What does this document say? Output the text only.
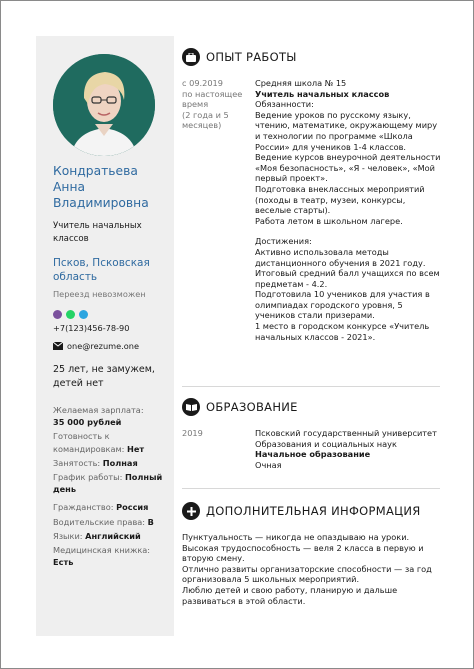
Кондратьева Анна Владимировна
Учитель начальных классов
Псков, Псковская область
Переезд невозможен
+7(123)456-78-90
one@rezume.one
25 лет, не замужем, детей нет
Желаемая зарплата:
35 000 рублей
Готовность к командировкам: Нет
Занятость: Полная
График работы: Полный день
Гражданство: Россия
Водительские права: В
Языки: Английский
Медицинская книжка:
Есть
ОПЫТ РАБОТЫ
с 09.2019
по настоящее время
(2 года и 5 месяцев)
Средняя школа № 15
Учитель начальных классов
Обязанности:
Ведение уроков по русскому языку, чтению, математике, окружающему миру и технологии по программе «Школа России» для учеников 1-4 классов.
Ведение курсов внеурочной деятельности «Моя безопасность», «Я - человек», «Мой первый проект».
Подготовка внеклассных мероприятий (походы в театр, музеи, конкурсы, веселые старты).
Работа летом в школьном лагере.
Достижения:
Активно использовала методы дистанционного обучения в 2021 году.
Итоговый средний балл учащихся по всем предметам - 4.2.
Подготовила 10 учеников для участия в олимпиадах городского уровня, 5 учеников стали призерами.
1 место в городском конкурсе «Учитель начальных классов - 2021».
ОБРАЗОВАНИЕ
2019	Псковский государственный университет
Образования и социальных наук
Начальное образование
Очная
ДОПОЛНИТЕЛЬНАЯ ИНФОРМАЦИЯ
Пунктуальность — никогда не опаздываю на уроки.
Высокая трудоспособность — веля 2 класса в первую и вторую смену.
Отлично развиты организаторские способности — за год организовала 5 школьных мероприятий.
Люблю детей и свою работу, планирую и дальше развиваться в этой области.
